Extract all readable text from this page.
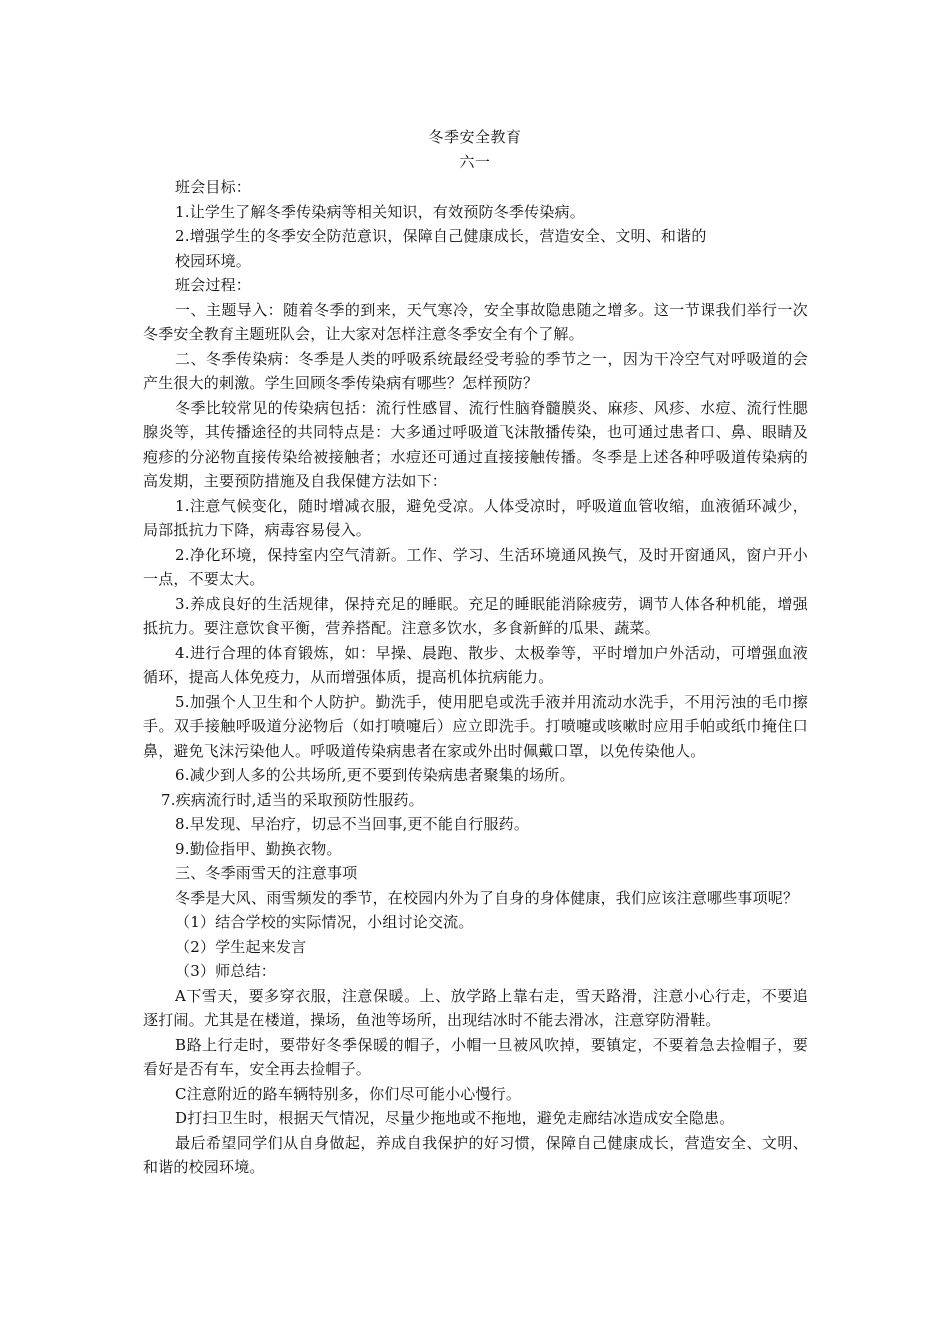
冬季安全教育
六一

班会目标：

1.让学生了解冬季传染病等相关知识，有效预防冬季传染病。

2.增强学生的冬季安全防范意识，保障自己健康成长，营造安全、文明、和谐的

校园环境。

班会过程：

一、主题导入：随着冬季的到来，天气寒冷，安全事故隐患随之增多。这一节课我们举行一次冬季安全教育主题班队会，让大家对怎样注意冬季安全有个了解。

二、冬季传染病：冬季是人类的呼吸系统最经受考验的季节之一，因为干冷空气对呼吸道的会产生很大的刺激。学生回顾冬季传染病有哪些？怎样预防？

冬季比较常见的传染病包括：流行性感冒、流行性脑脊髓膜炎、麻疹、风疹、水痘、流行性腮腺炎等，其传播途径的共同特点是：大多通过呼吸道飞沫散播传染，也可通过患者口、鼻、眼睛及疱疹的分泌物直接传染给被接触者；水痘还可通过直接接触传播。冬季是上述各种呼吸道传染病的高发期，主要预防措施及自我保健方法如下：

1.注意气候变化，随时增减衣服，避免受凉。人体受凉时，呼吸道血管收缩，血液循环减少，局部抵抗力下降，病毒容易侵入。

2.净化环境，保持室内空气清新。工作、学习、生活环境通风换气，及时开窗通风，窗户开小一点，不要太大。

3.养成良好的生活规律，保持充足的睡眠。充足的睡眠能消除疲劳，调节人体各种机能，增强抵抗力。要注意饮食平衡，营养搭配。注意多饮水，多食新鲜的瓜果、蔬菜。

4.进行合理的体育锻炼，如：早操、晨跑、散步、太极拳等，平时增加户外活动，可增强血液循环，提高人体免疫力，从而增强体质，提高机体抗病能力。

5.加强个人卫生和个人防护。勤洗手，使用肥皂或洗手液并用流动水洗手，不用污浊的毛巾擦手。双手接触呼吸道分泌物后（如打喷嚏后）应立即洗手。打喷嚏或咳嗽时应用手帕或纸巾掩住口鼻，避免飞沫污染他人。呼吸道传染病患者在家或外出时佩戴口罩，以免传染他人。

6.减少到人多的公共场所,更不要到传染病患者聚集的场所。

7.疾病流行时,适当的采取预防性服药。

8.早发现、早治疗，切忌不当回事,更不能自行服药。

9.勤俭指甲、勤换衣物。

三、冬季雨雪天的注意事项

冬季是大风、雨雪频发的季节，在校园内外为了自身的身体健康，我们应该注意哪些事项呢？

（1）结合学校的实际情况，小组讨论交流。

（2）学生起来发言

（3）师总结：

A下雪天，要多穿衣服，注意保暖。上、放学路上靠右走，雪天路滑，注意小心行走，不要追逐打闹。尤其是在楼道，操场，鱼池等场所，出现结冰时不能去滑冰，注意穿防滑鞋。

B路上行走时，要带好冬季保暖的帽子，小帽一旦被风吹掉，要镇定，不要着急去捡帽子，要看好是否有车，安全再去捡帽子。

C注意附近的路车辆特别多，你们尽可能小心慢行。

D打扫卫生时，根据天气情况，尽量少拖地或不拖地，避免走廊结冰造成安全隐患。

最后希望同学们从自身做起，养成自我保护的好习惯，保障自己健康成长，营造安全、文明、和谐的校园环境。
